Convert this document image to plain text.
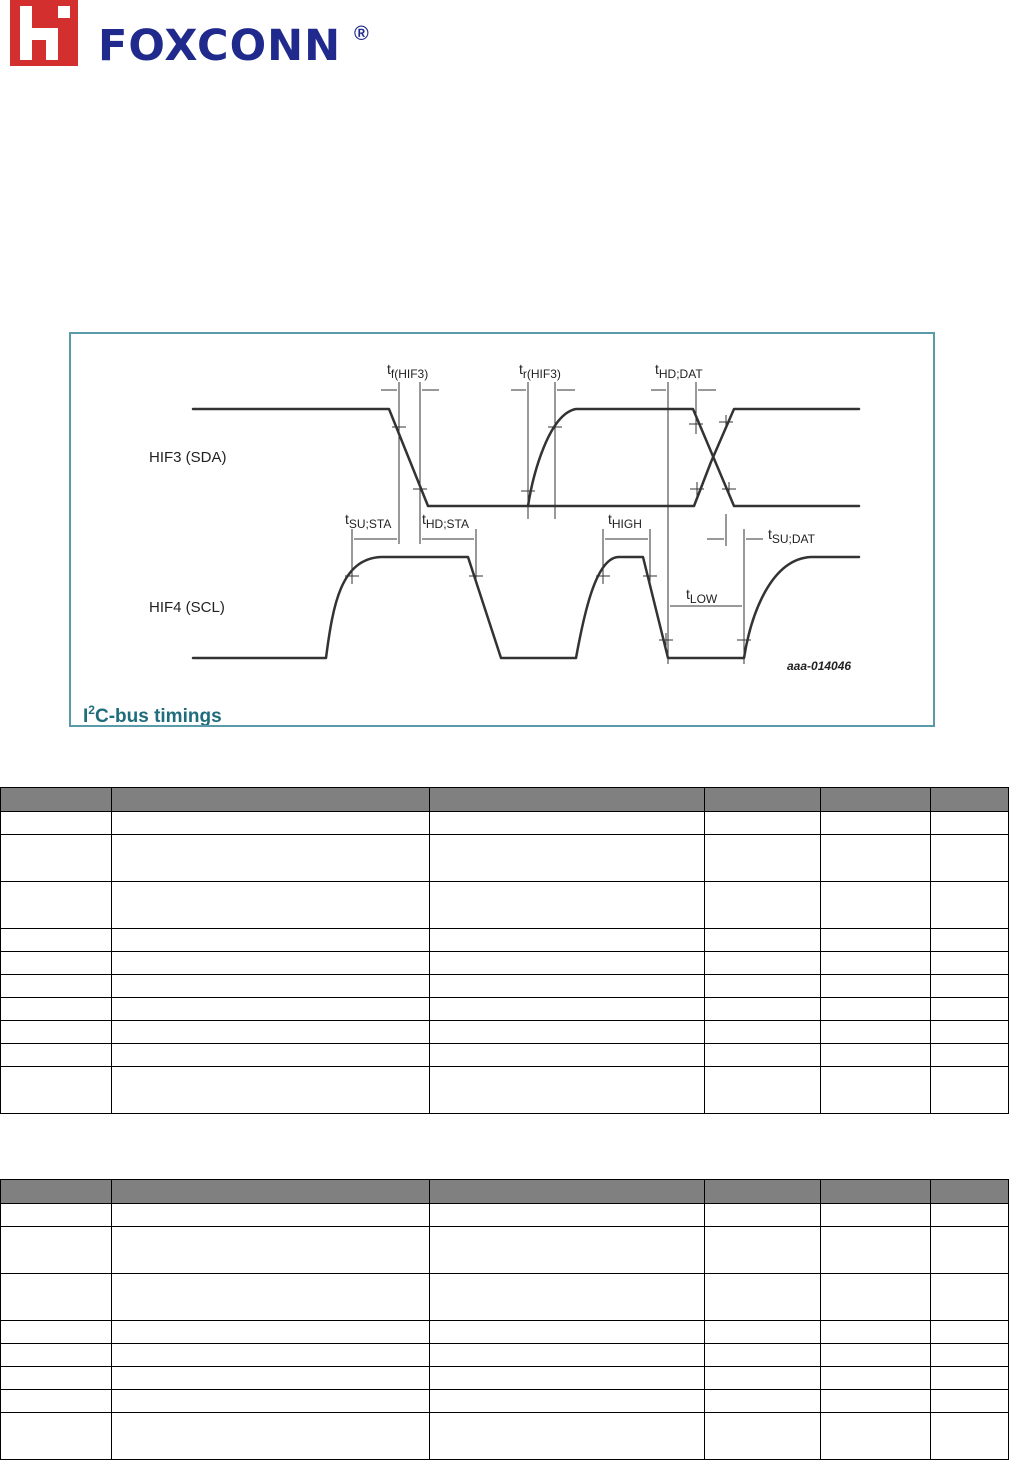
FOXCONN ®
HIF3 (SDA)
HIF4 (SCL)
tf(HIF3)	tr(HIF3)	tHD;DAT
tSU;STA tHD;STA	tHIGH
tSU;DAT
tLOW
aaa-014046
$I^2C$-bus timings
